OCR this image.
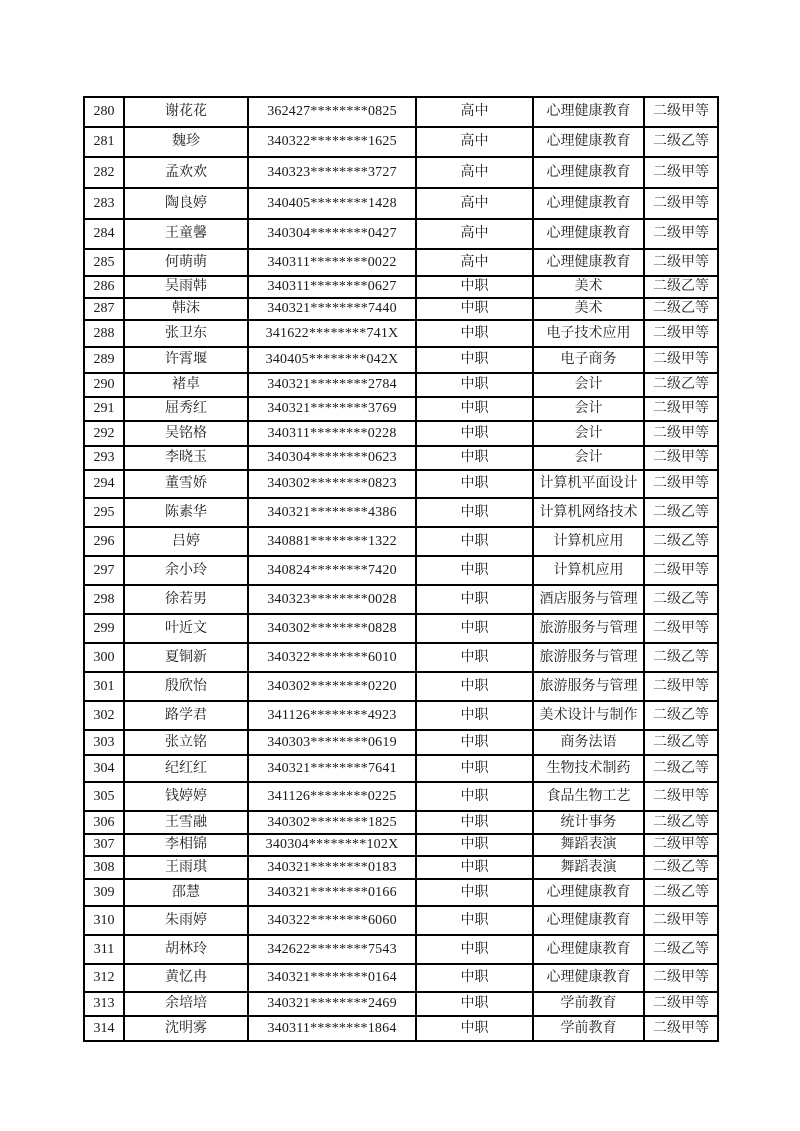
280	谢花花	362427********0825	高中	心理健康教育	二级甲等
281	魏珍	340322********1625	高中	心理健康教育	二级乙等
282	孟欢欢	340323********3727	高中	心理健康教育	二级甲等
283	陶良婷	340405********1428	高中	心理健康教育	二级甲等
284	王童馨	340304********0427	高中	心理健康教育	二级甲等
285	何萌萌	340311********0022	高中	心理健康教育	二级甲等
286	吴雨韩	340311********0627	中职	美术	二级乙等
287	韩沫	340321********7440	中职	美术	二级乙等
288	张卫东	341622********741X	中职	电子技术应用	二级甲等
289	许霄堰	340405********042X	中职	电子商务	二级甲等
290	褚卓	340321********2784	中职	会计	二级乙等
291	屈秀红	340321********3769	中职	会计	二级甲等
292	吴铭格	340311********0228	中职	会计	二级甲等
293	李晓玉	340304********0623	中职	会计	二级甲等
294	董雪娇	340302********0823	中职	计算机平面设计	二级甲等
295	陈素华	340321********4386	中职	计算机网络技术	二级乙等
296	吕婷	340881********1322	中职	计算机应用	二级乙等
297	余小玲	340824********7420	中职	计算机应用	二级甲等
298	徐若男	340323********0028	中职	酒店服务与管理	二级乙等
299	叶近文	340302********0828	中职	旅游服务与管理	二级甲等
300	夏铜新	340322********6010	中职	旅游服务与管理	二级乙等
301	殷欣怡	340302********0220	中职	旅游服务与管理	二级甲等
302	路学君	341126********4923	中职	美术设计与制作	二级乙等
303	张立铭	340303********0619	中职	商务法语	二级乙等
304	纪红红	340321********7641	中职	生物技术制药	二级乙等
305	钱婷婷	341126********0225	中职	食品生物工艺	二级甲等
306	王雪融	340302********1825	中职	统计事务	二级乙等
307	李相锦	340304********102X	中职	舞蹈表演	二级甲等
308	王雨琪	340321********0183	中职	舞蹈表演	二级乙等
309	邵慧	340321********0166	中职	心理健康教育	二级乙等
310	朱雨婷	340322********6060	中职	心理健康教育	二级甲等
311	胡林玲	342622********7543	中职	心理健康教育	二级乙等
312	黄忆冉	340321********0164	中职	心理健康教育	二级甲等
313	余培培	340321********2469	中职	学前教育	二级甲等
314	沈明雾	340311********1864	中职	学前教育	二级甲等
